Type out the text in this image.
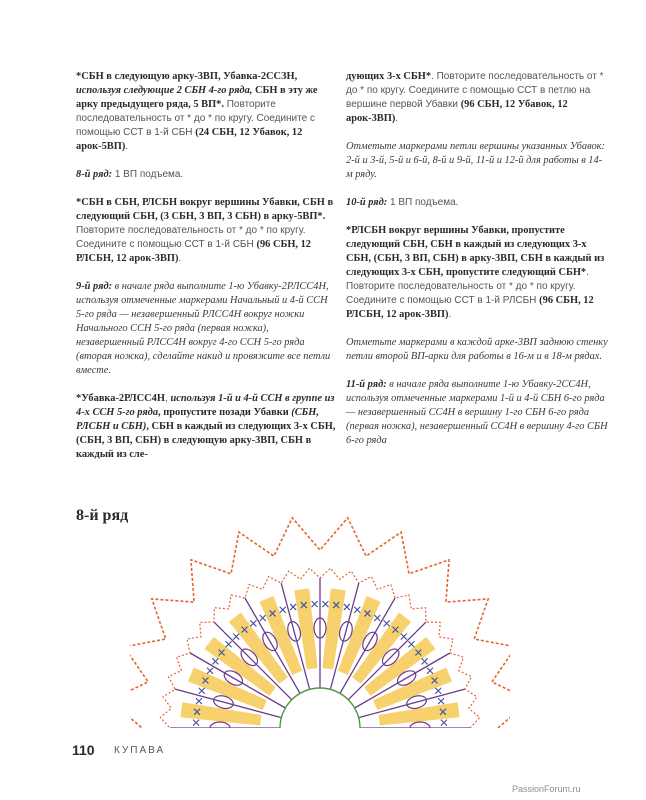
*СБН в следующую арку-3ВП, Убавка-2ССЗН, используя следующие 2 СБН 4-го ряда, СБН в эту же арку предыдущего ряда, 5 ВП*. Повторите последовательность от * до * по кругу. Соедините с помощью ССТ в 1-й СБН (24 СБН, 12 Убавок, 12 арок-5ВП).

8-й ряд: 1 ВП подъема.

*СБН в СБН, РЛСБН вокруг вершины Убавки, СБН в следующий СБН, (3 СБН, 3 ВП, 3 СБН) в арку-5ВП*. Повторите последовательность от * до * по кругу. Соедините с помощью ССТ в 1-й СБН (96 СБН, 12 РЛСБН, 12 арок-3ВП).

9-й ряд: в начале ряда выполните 1-ю Убавку-2РЛСС4Н, используя отмеченные маркерами Начальный и 4-й ССН 5-го ряда — незавершенный РЛСС4Н вокруг ножки Начального ССН 5-го ряда (первая ножка), незавершенный РЛСС4Н вокруг 4-го ССН 5-го ряда (вторая ножка), сделайте накид и провяжите все петли вместе.

*Убавка-2РЛСС4Н, используя 1-й и 4-й ССН в группе из 4-х ССН 5-го ряда, пропустите позади Убавки (СБН, РЛСБН и СБН), СБН в каждый из следующих 3-х СБН, (СБН, 3 ВП, СБН) в следующую арку-3ВП, СБН в каждый из сле-

дующих 3-х СБН*. Повторите последовательность от * до * по кругу. Соедините с помощью ССТ в петлю на вершине первой Убавки (96 СБН, 12 Убавок, 12 арок-3ВП).

Отметьте маркерами петли вершины указанных Убавок: 2-й и 3-й, 5-й и 6-й, 8-й и 9-й, 11-й и 12-й для работы в 14-м ряду.

10-й ряд: 1 ВП подъема.

*РЛСБН вокруг вершины Убавки, пропустите следующий СБН, СБН в каждый из следующих 3-х СБН, (СБН, 3 ВП, СБН) в арку-3ВП, СБН в каждый из следующих 3-х СБН, пропустите следующий СБН*. Повторите последовательность от * до * по кругу. Соедините с помощью ССТ в 1-й РЛСБН (96 СБН, 12 РЛСБН, 12 арок-3ВП).

Отметьте маркерами в каждой арке-3ВП заднюю стенку петли второй ВП-арки для работы в 16-м и в 18-м рядах.

11-й ряд: в начале ряда выполните 1-ю Убавку-2СС4Н, используя отмеченные маркерами 1-й и 4-й СБН 6-го ряда — незавершенный СС4Н в вершину 1-го СБН 6-го ряда (первая ножка), незавершенный СС4Н в вершину 4-го СБН 6-го ряда

8-й ряд
110 КУПАВА
PassionForum.ru
